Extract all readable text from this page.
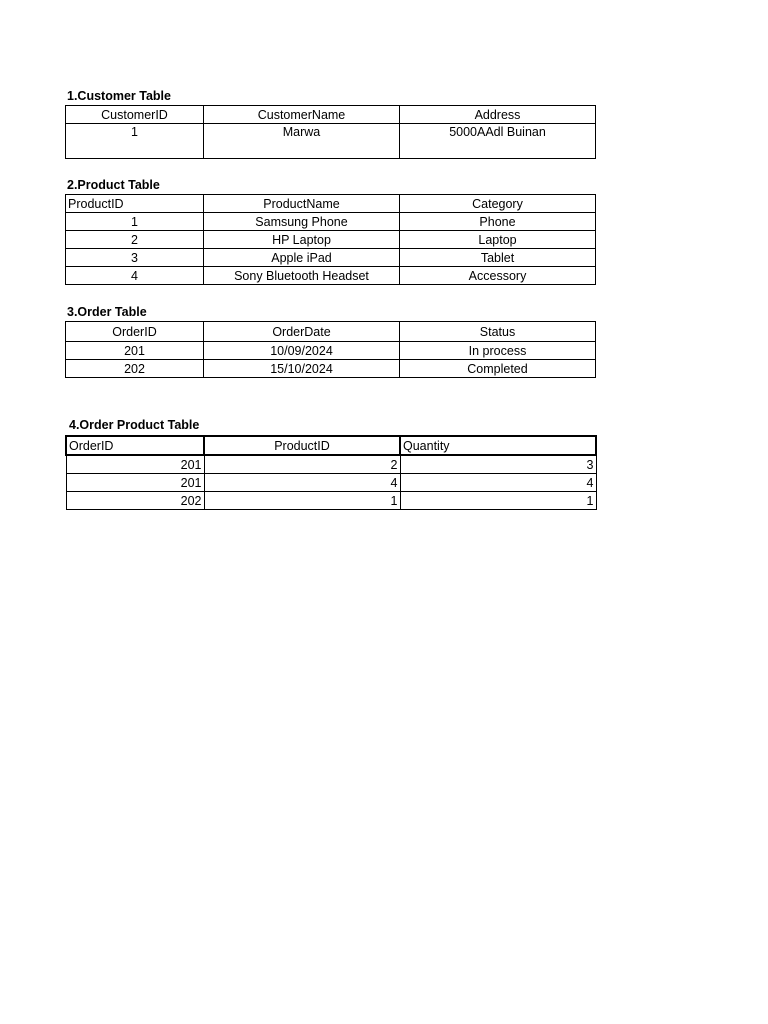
1.Customer Table
CustomerID	CustomerName	Address
1	Marwa	5000AAdl Buinan
2.Product Table
ProductID	ProductName	Category
1	Samsung Phone	Phone
2	HP Laptop	Laptop
3	Apple iPad	Tablet
4	Sony Bluetooth Headset	Accessory
3.Order Table
OrderID	OrderDate	Status
201	10/09/2024	In process
202	15/10/2024	Completed
4.Order Product Table
OrderID	ProductID	Quantity
201	2	3
201	4	4
202	1	1
